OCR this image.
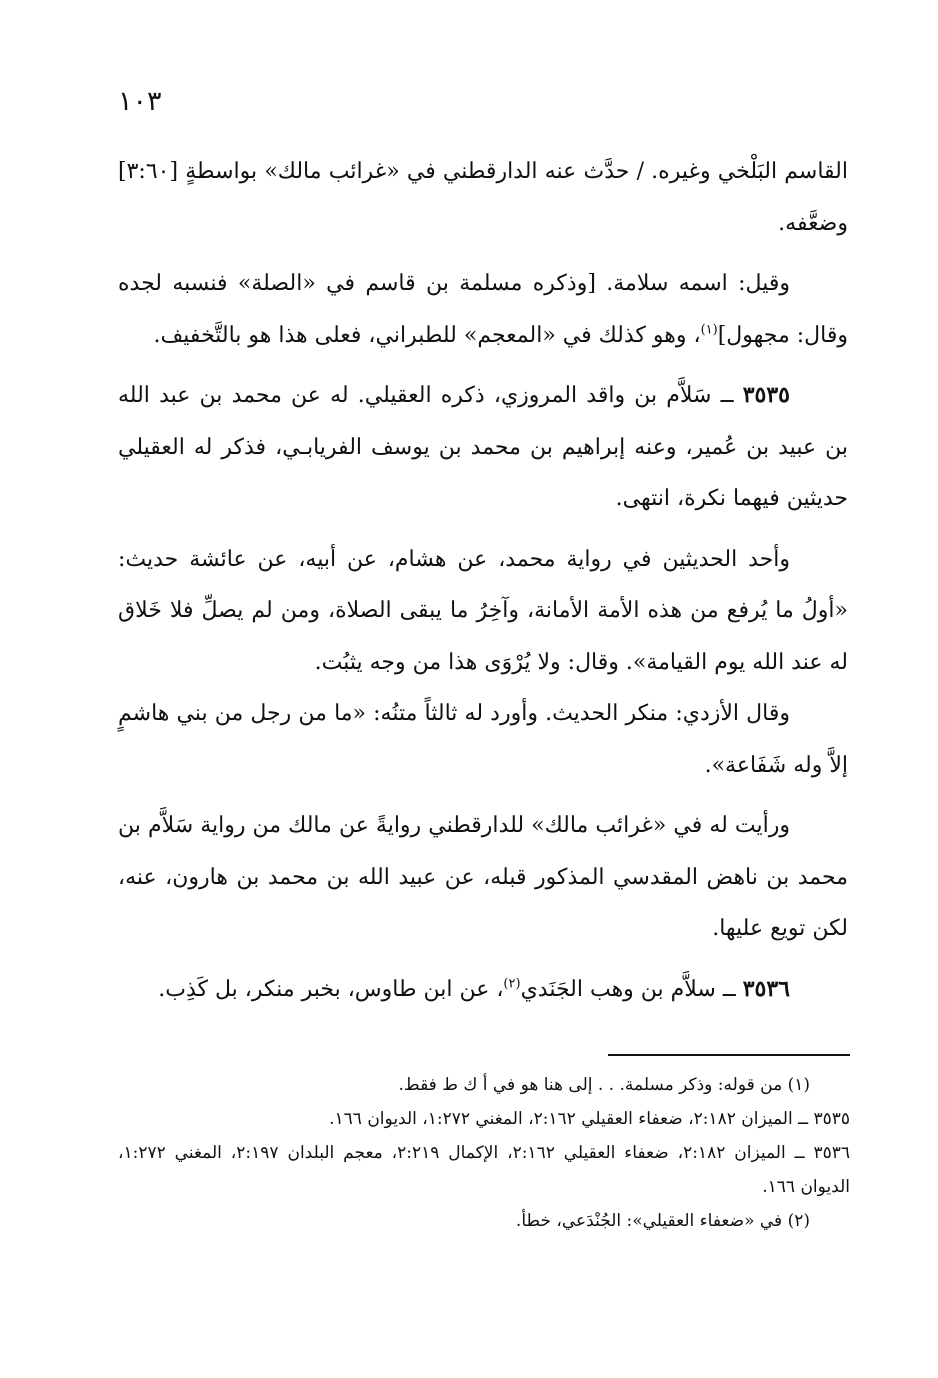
١٠٣

القاسم البَلْخي وغيره. / حدَّث عنه الدارقطني في «غرائب مالك» بواسطةٍ [٣:٦٠] وضعَّفه.

وقيل: اسمه سلامة. [وذكره مسلمة بن قاسم في «الصلة» فنسبه لجده وقال: مجهول]$^{(١)}$، وهو كذلك في «المعجم» للطبراني، فعلى هذا هو بالتَّخفيف.

٣٥٣٥ ــ سَلاَّم بن واقد المروزي، ذكره العقيلي. له عن محمد بن عبد الله بن عبيد بن عُمير، وعنه إبراهيم بن محمد بن يوسف الفريابـي، فذكر له العقيلي حديثين فيهما نكرة، انتهى.

وأحد الحديثين في رواية محمد، عن هشام، عن أبيه، عن عائشة حديث: «أولُ ما يُرفع من هذه الأمة الأمانة، وآخِرُ ما يبقى الصلاة، ومن لم يصلِّ فلا خَلاق له عند الله يوم القيامة». وقال: ولا يُرْوَى هذا من وجه يثبُت.

وقال الأزدي: منكر الحديث. وأورد له ثالثاً متنُه: «ما من رجل من بني هاشمٍ إلاَّ وله شَفَاعة».

ورأيت له في «غرائب مالك» للدارقطني روايةً عن مالك من رواية سَلاَّم بن محمد بن ناهض المقدسي المذكور قبله، عن عبيد الله بن محمد بن هارون، عنه، لكن تويع عليها.

٣٥٣٦ ــ سلاَّم بن وهب الجَنَدي$^{(٢)}$، عن ابن طاوس، بخبر منكر، بل كَذِب.

(١) من قوله: وذكر مسلمة. . . إلى هنا هو في أ ك ط فقط.

٣٥٣٥ ــ الميزان ٢:١٨٢، ضعفاء العقيلي ٢:١٦٢، المغني ١:٢٧٢، الديوان ١٦٦.

٣٥٣٦ ــ الميزان ٢:١٨٢، ضعفاء العقيلي ٢:١٦٢، الإكمال ٢:٢١٩، معجم البلدان ٢:١٩٧، المغني ١:٢٧٢، الديوان ١٦٦.

(٢) في «ضعفاء العقيلي»: الجُنْدَعي، خطأ.
